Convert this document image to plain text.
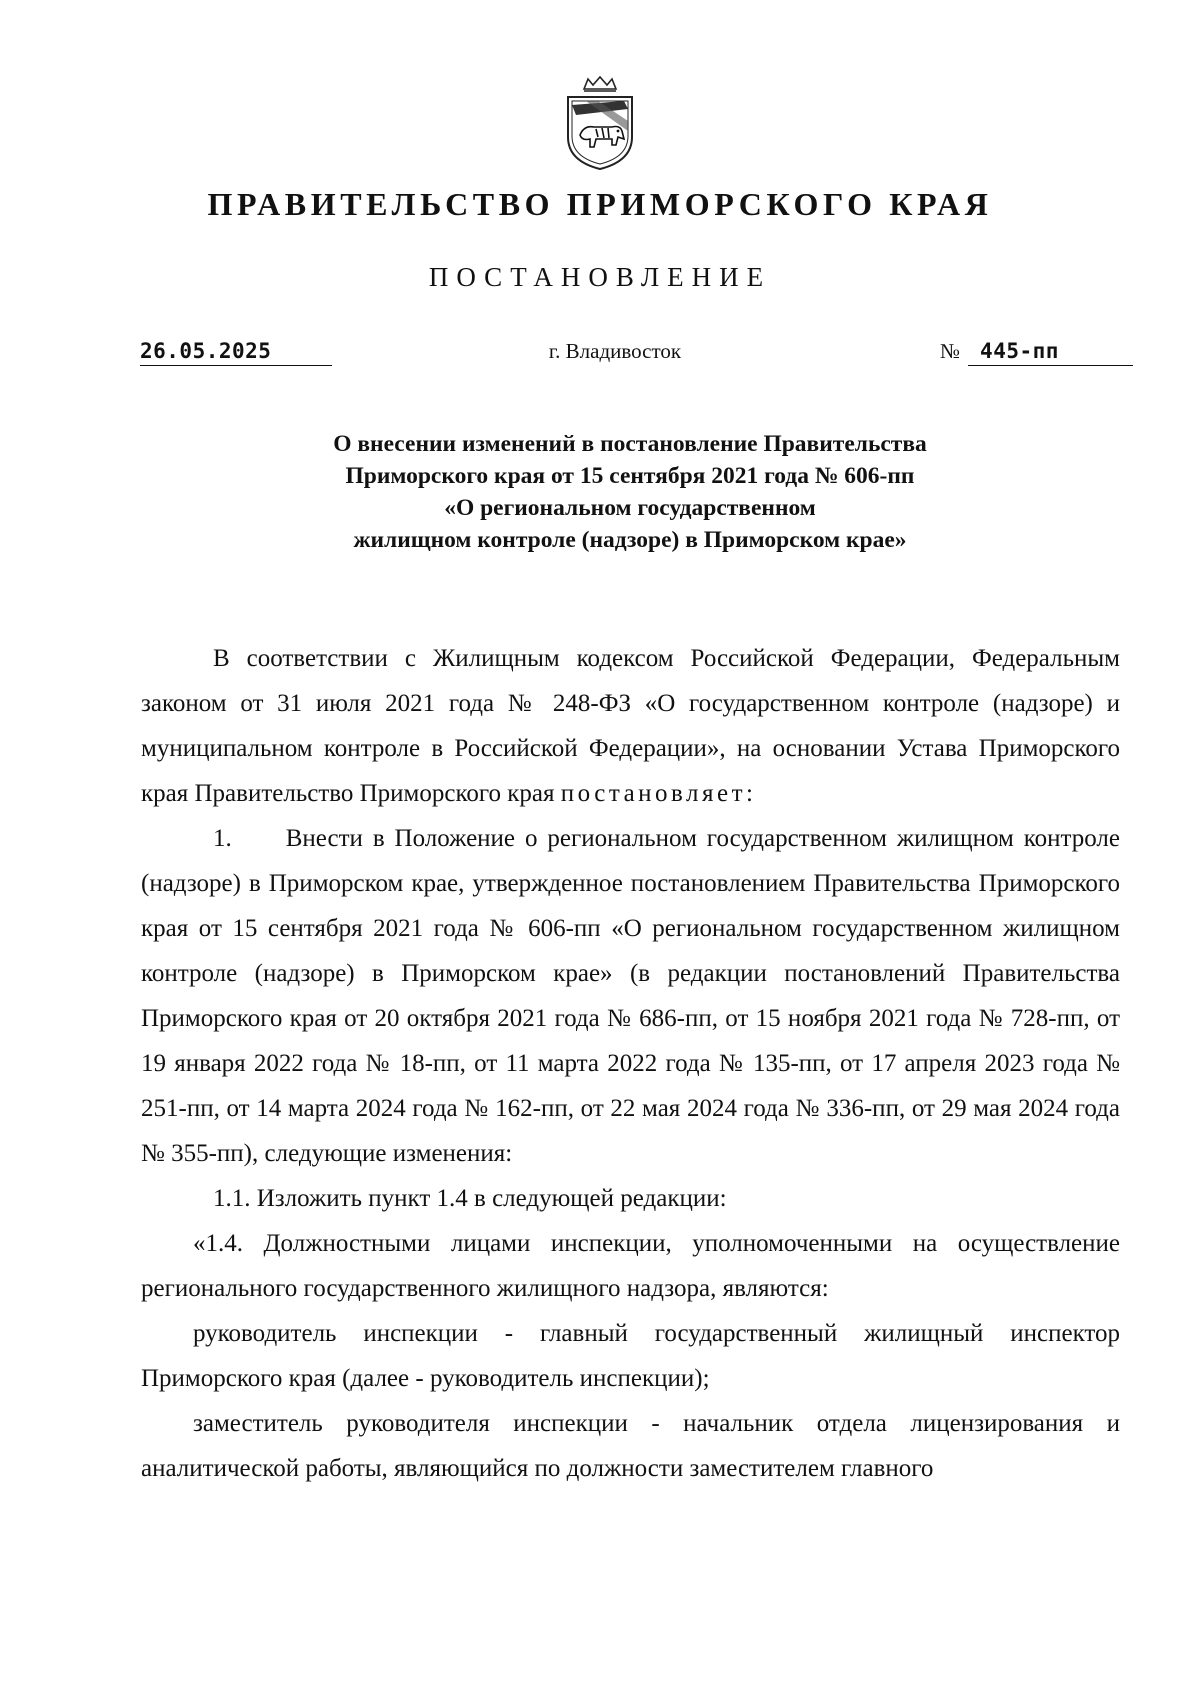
ПРАВИТЕЛЬСТВО ПРИМОРСКОГО КРАЯ
ПОСТАНОВЛЕНИЕ
26.05.2025	г. Владивосток	№ 445-пп
О внесении изменений в постановление Правительства
Приморского края от 15 сентября 2021 года № 606-пп
«О региональном государственном
жилищном контроле (надзоре) в Приморском крае»

В соответствии с Жилищным кодексом Российской Федерации, Федеральным законом от 31 июля 2021 года № 248-ФЗ «О государственном контроле (надзоре) и муниципальном контроле в Российской Федерации», на основании Устава Приморского края Правительство Приморского края постановляет:

1. Внести в Положение о региональном государственном жилищном контроле (надзоре) в Приморском крае, утвержденное постановлением Правительства Приморского края от 15 сентября 2021 года № 606-пп «О региональном государственном жилищном контроле (надзоре) в Приморском крае» (в редакции постановлений Правительства Приморского края от 20 октября 2021 года № 686-пп, от 15 ноября 2021 года № 728-пп, от 19 января 2022 года № 18-пп, от 11 марта 2022 года № 135-пп, от 17 апреля 2023 года № 251-пп, от 14 марта 2024 года № 162-пп, от 22 мая 2024 года № 336-пп, от 29 мая 2024 года № 355-пп), следующие изменения:

1.1. Изложить пункт 1.4 в следующей редакции:

«1.4. Должностными лицами инспекции, уполномоченными на осуществление регионального государственного жилищного надзора, являются:

руководитель инспекции - главный государственный жилищный инспектор Приморского края (далее - руководитель инспекции);

заместитель руководителя инспекции - начальник отдела лицензирования и аналитической работы, являющийся по должности заместителем главного
